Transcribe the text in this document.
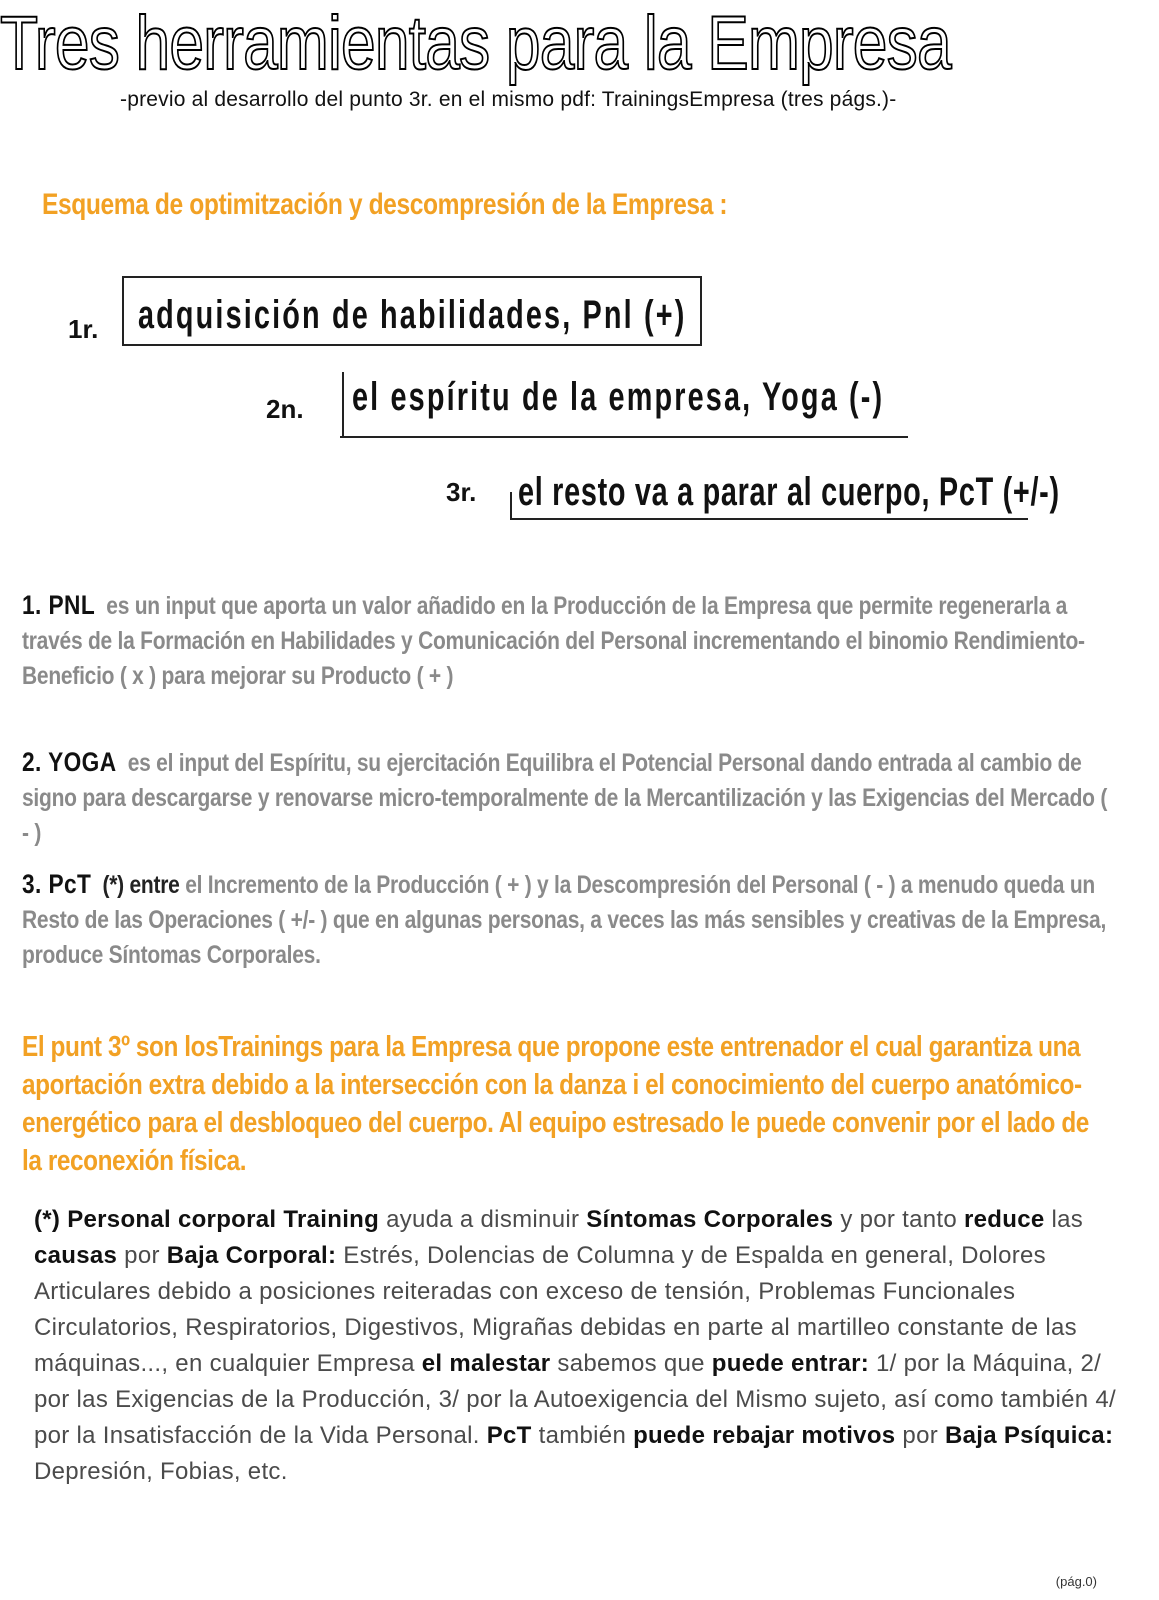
Tres herramientas para la Empresa
-previo al desarrollo del punto 3r. en el mismo pdf: TrainingsEmpresa (tres págs.)-
Esquema de optimitzación y descompresión de la Empresa :
1r. adquisición de habilidades, Pnl (+)
2n. el espíritu de la empresa, Yoga (-)
3r. el resto va a parar al cuerpo, PcT (+/-)
1. PNL es un input que aporta un valor añadido en la Producción de la Empresa que permite regenerarla a través de la Formación en Habilidades y Comunicación del Personal incrementando el binomio Rendimiento-Beneficio ( x ) para mejorar su Producto ( + )
2. YOGA es el input del Espíritu, su ejercitación Equilibra el Potencial Personal dando entrada al cambio de signo para descargarse y renovarse micro-temporalmente de la Mercantilización y las Exigencias del Mercado ( - )
3. PcT (*) entre el Incremento de la Producción ( + ) y la Descompresión del Personal ( - ) a menudo queda un Resto de las Operaciones ( +/- ) que en algunas personas, a veces las más sensibles y creativas de la Empresa, produce Síntomas Corporales.
El punt 3º son losTrainings para la Empresa que propone este entrenador el cual garantiza una aportación extra debido a la intersección con la danza i el conocimiento del cuerpo anatómico-energético para el desbloqueo del cuerpo. Al equipo estresado le puede convenir por el lado de la reconexión física.
(*) Personal corporal Training ayuda a disminuir Síntomas Corporales y por tanto reduce las causas por Baja Corporal: Estrés, Dolencias de Columna y de Espalda en general, Dolores Articulares debido a posiciones reiteradas con exceso de tensión, Problemas Funcionales Circulatorios, Respiratorios, Digestivos, Migrañas debidas en parte al martilleo constante de las máquinas..., en cualquier Empresa el malestar sabemos que puede entrar: 1/ por la Máquina, 2/ por las Exigencias de la Producción, 3/ por la Autoexigencia del Mismo sujeto, así como también 4/ por la Insatisfacción de la Vida Personal. PcT también puede rebajar motivos por Baja Psíquica: Depresión, Fobias, etc.
(pág.0)
